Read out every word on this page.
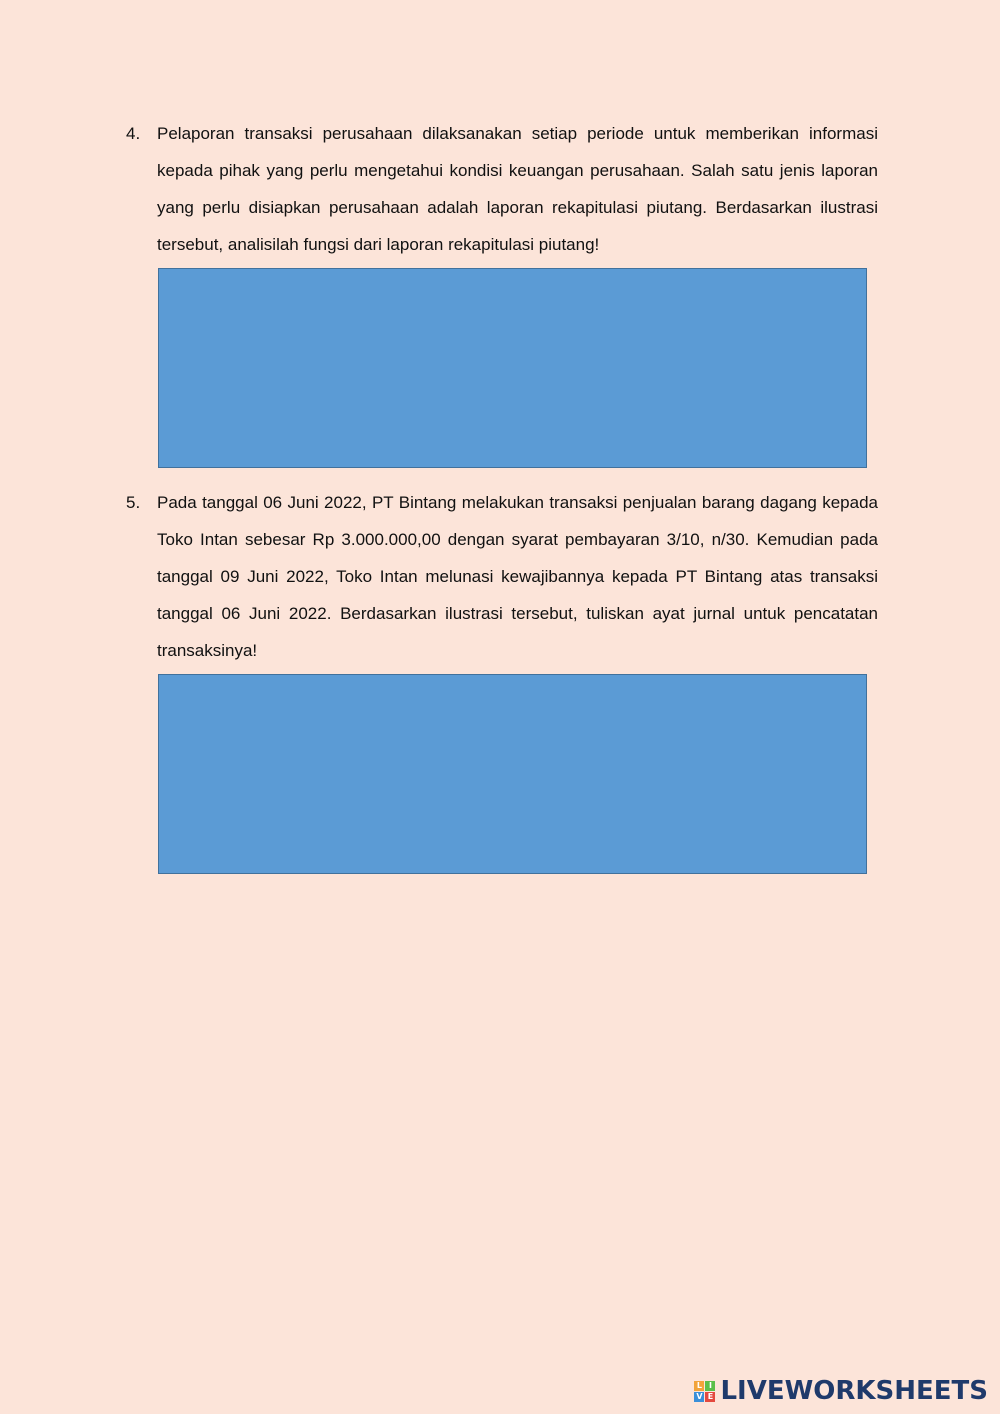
4. Pelaporan transaksi perusahaan dilaksanakan setiap periode untuk memberikan informasi kepada pihak yang perlu mengetahui kondisi keuangan perusahaan. Salah satu jenis laporan yang perlu disiapkan perusahaan adalah laporan rekapitulasi piutang. Berdasarkan ilustrasi tersebut, analisilah fungsi dari laporan rekapitulasi piutang!
5. Pada tanggal 06 Juni 2022, PT Bintang melakukan transaksi penjualan barang dagang kepada Toko Intan sebesar Rp 3.000.000,00 dengan syarat pembayaran 3/10, n/30. Kemudian pada tanggal 09 Juni 2022, Toko Intan melunasi kewajibannya kepada PT Bintang atas transaksi tanggal 06 Juni 2022. Berdasarkan ilustrasi tersebut, tuliskan ayat jurnal untuk pencatatan transaksinya!
L I
V E LIVEWORKSHEETS
